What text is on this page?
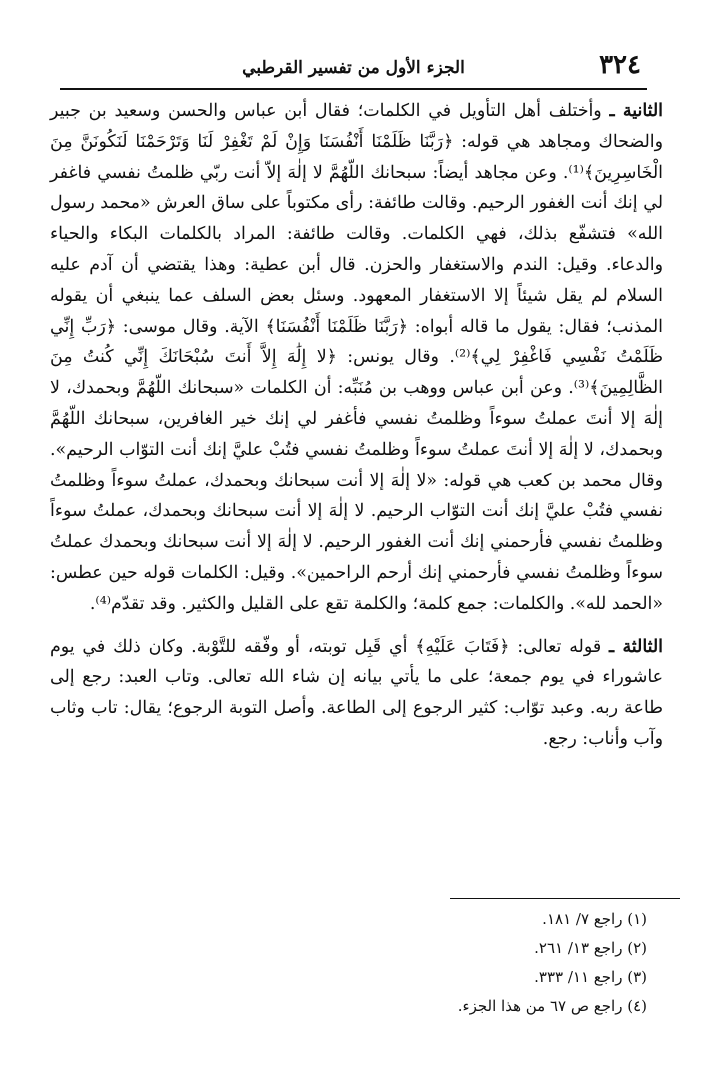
٣٢٤
الجزء الأول من تفسير القرطبي

الثانية ـ وأختلف أهل التأويل في الكلمات؛ فقال أبن عباس والحسن وسعيد بن جبير والضحاك ومجاهد هي قوله: ﴿رَبَّنَا ظَلَمْنَا أَنْفُسَنَا وَإِنْ لَمْ تَغْفِرْ لَنَا وَتَرْحَمْنَا لَنَكُونَنَّ مِنَ الْخَاسِرِينَ﴾⁽¹⁾. وعن مجاهد أيضاً: سبحانك اللّهُمَّ لا إلٰهَ إلاّ أنت ربّي ظلمتُ نفسي فاغفر لي إنك أنت الغفور الرحيم. وقالت طائفة: رأى مكتوباً على ساق العرش «محمد رسول الله» فتشفّع بذلك، فهي الكلمات. وقالت طائفة: المراد بالكلمات البكاء والحياء والدعاء. وقيل: الندم والاستغفار والحزن. قال أبن عطية: وهذا يقتضي أن آدم عليه السلام لم يقل شيئاً إلا الاستغفار المعهود. وسئل بعض السلف عما ينبغي أن يقوله المذنب؛ فقال: يقول ما قاله أبواه: ﴿رَبَّنَا ظَلَمْنَا أَنْفُسَنَا﴾ الآية. وقال موسى: ﴿رَبِّ إِنِّي ظَلَمْتُ نَفْسِي فَاغْفِرْ لِي﴾⁽²⁾. وقال يونس: ﴿لا إِلَٰهَ إِلاَّ أَنتَ سُبْحَانَكَ إِنِّي كُنتُ مِنَ الظَّالِمِينَ﴾⁽³⁾. وعن أبن عباس ووهب بن مُنَبِّه: أن الكلمات «سبحانك اللّهُمَّ وبحمدك، لا إلٰهَ إلا أنتَ عملتُ سوءاً وظلمتُ نفسي فأغفر لي إنك خير الغافرين، سبحانك اللّهُمَّ وبحمدك، لا إلٰهَ إلا أنتَ عملتُ سوءاً وظلمتُ نفسي فتُبْ عليَّ إنك أنت التوّاب الرحيم». وقال محمد بن كعب هي قوله: «لا إلٰهَ إلا أنت سبحانك وبحمدك، عملتُ سوءاً وظلمتُ نفسي فتُبْ عليَّ إنك أنت التوّاب الرحيم. لا إلٰهَ إلا أنت سبحانك وبحمدك، عملتُ سوءاً وظلمتُ نفسي فأرحمني إنك أنت الغفور الرحيم. لا إلٰهَ إلا أنت سبحانك وبحمدك عملتُ سوءاً وظلمتُ نفسي فأرحمني إنك أرحم الراحمين». وقيل: الكلمات قوله حين عطس: «الحمد لله». والكلمات: جمع كلمة؛ والكلمة تقع على القليل والكثير. وقد تقدّم⁽⁴⁾.

الثالثة ـ قوله تعالى: ﴿فَتَابَ عَلَيْهِ﴾ أي قَبِل توبته، أو وفّقه للتَّوْبة. وكان ذلك في يوم عاشوراء في يوم جمعة؛ على ما يأتي بيانه إن شاء الله تعالى. وتاب العبد: رجع إلى طاعة ربه. وعبد توّاب: كثير الرجوع إلى الطاعة. وأصل التوبة الرجوع؛ يقال: تاب وثاب وآب وأناب: رجع.

(١) راجع ٧/ ١٨١.
(٢) راجع ١٣/ ٢٦١.
(٣) راجع ١١/ ٣٣٣.
(٤) راجع ص ٦٧ من هذا الجزء.
